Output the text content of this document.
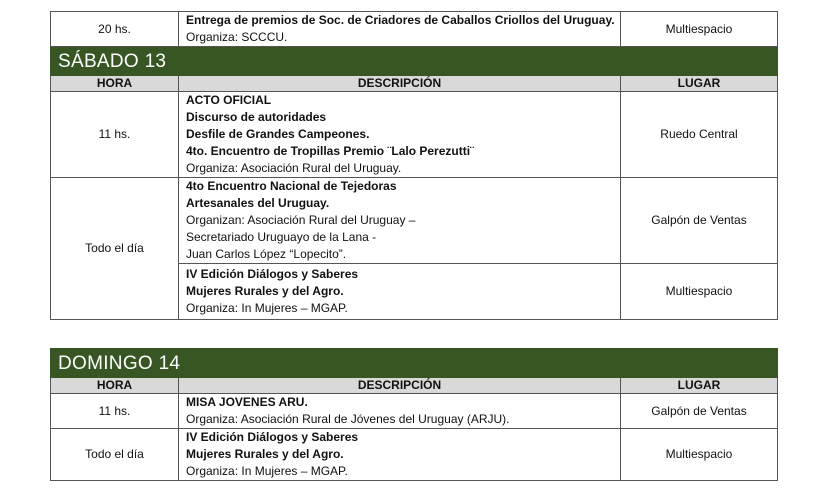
20 hs.	Entrega de premios de Soc. de Criadores de Caballos Criollos del Uruguay.
Organiza: SCCCU.	Multiespacio
SÁBADO 13		
HORA	DESCRIPCIÓN	LUGAR
11 hs.	ACTO OFICIAL
Discurso de autoridades
Desfile de Grandes Campeones.
4to. Encuentro de Tropillas Premio ¨Lalo Perezutti¨
Organiza: Asociación Rural del Uruguay.	Ruedo Central
Todo el día	4to Encuentro Nacional de Tejedoras
Artesanales del Uruguay.
Organizan: Asociación Rural del Uruguay –
Secretariado Uruguayo de la Lana -
Juan Carlos López “Lopecito”.	Galpón de Ventas

	IV Edición Diálogos y Saberes
Mujeres Rurales y del Agro.
Organiza: In Mujeres – MGAP.	Multiespacio
DOMINGO 14		
HORA	DESCRIPCIÓN	LUGAR
11 hs.	MISA JOVENES ARU.
Organiza: Asociación Rural de Jóvenes del Uruguay (ARJU).	Galpón de Ventas
Todo el día	IV Edición Diálogos y Saberes
Mujeres Rurales y del Agro.
Organiza: In Mujeres – MGAP.	Multiespacio
